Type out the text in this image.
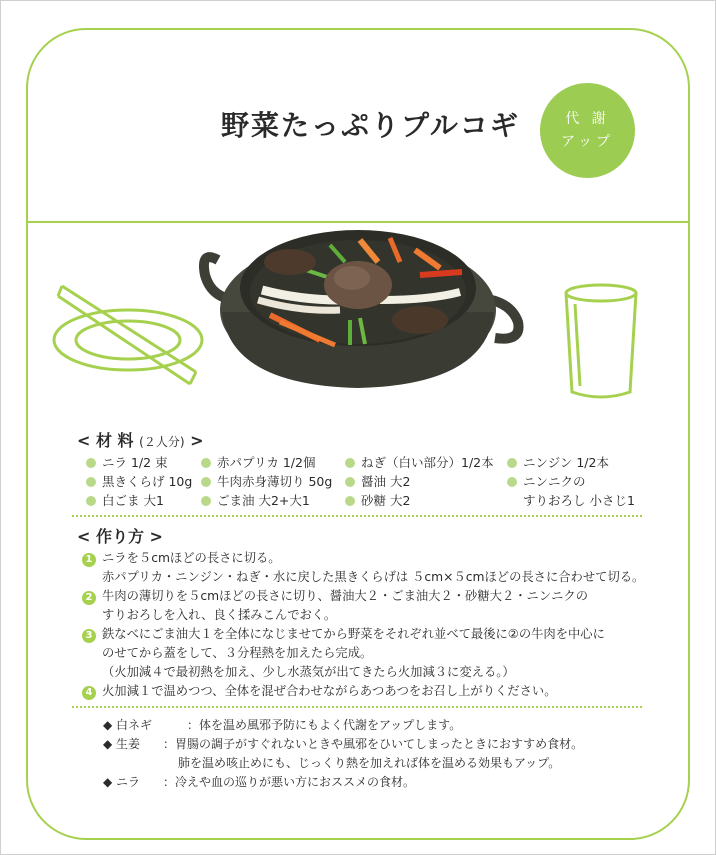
野菜たっぷりプルコギ	代 謝
アップ
< 材 料 (２人分) >
ニラ 1/2 束	赤パプリカ 1/2個	ねぎ（白い部分）1/2本	ニンジン 1/2本
黒きくらげ 10g	牛肉赤身薄切り 50g	醤油 大2	ニンニクの
白ごま 大1	ごま油 大2+大1	砂糖 大2	すりおろし 小さじ1
< 作り方 >
1 ニラを５cmほどの長さに切る。
赤パプリカ・ニンジン・ねぎ・水に戻した黒きくらげは ５cm×５cmほどの長さに合わせて切る。
2 牛肉の薄切りを５cmほどの長さに切り、醤油大２・ごま油大２・砂糖大２・ニンニクの
すりおろしを入れ、良く揉みこんでおく。
3 鉄なべにごま油大１を全体になじませてから野菜をそれぞれ並べて最後に②の牛肉を中心に
のせてから蓋をして、３分程熱を加えたら完成。
（火加減４で最初熱を加え、少し水蒸気が出てきたら火加減３に変える。）
4 火加減１で温めつつ、全体を混ぜ合わせながらあつあつをお召し上がりください。
◆ 白ネギ	：体を温め風邪予防にもよく代謝をアップします。
◆ 生姜 ：胃腸の調子がすぐれないときや風邪をひいてしまったときにおすすめ食材。
肺を温め咳止めにも、じっくり熱を加えれば体を温める効果もアップ。
◆ ニラ ：冷えや血の巡りが悪い方におススメの食材。
